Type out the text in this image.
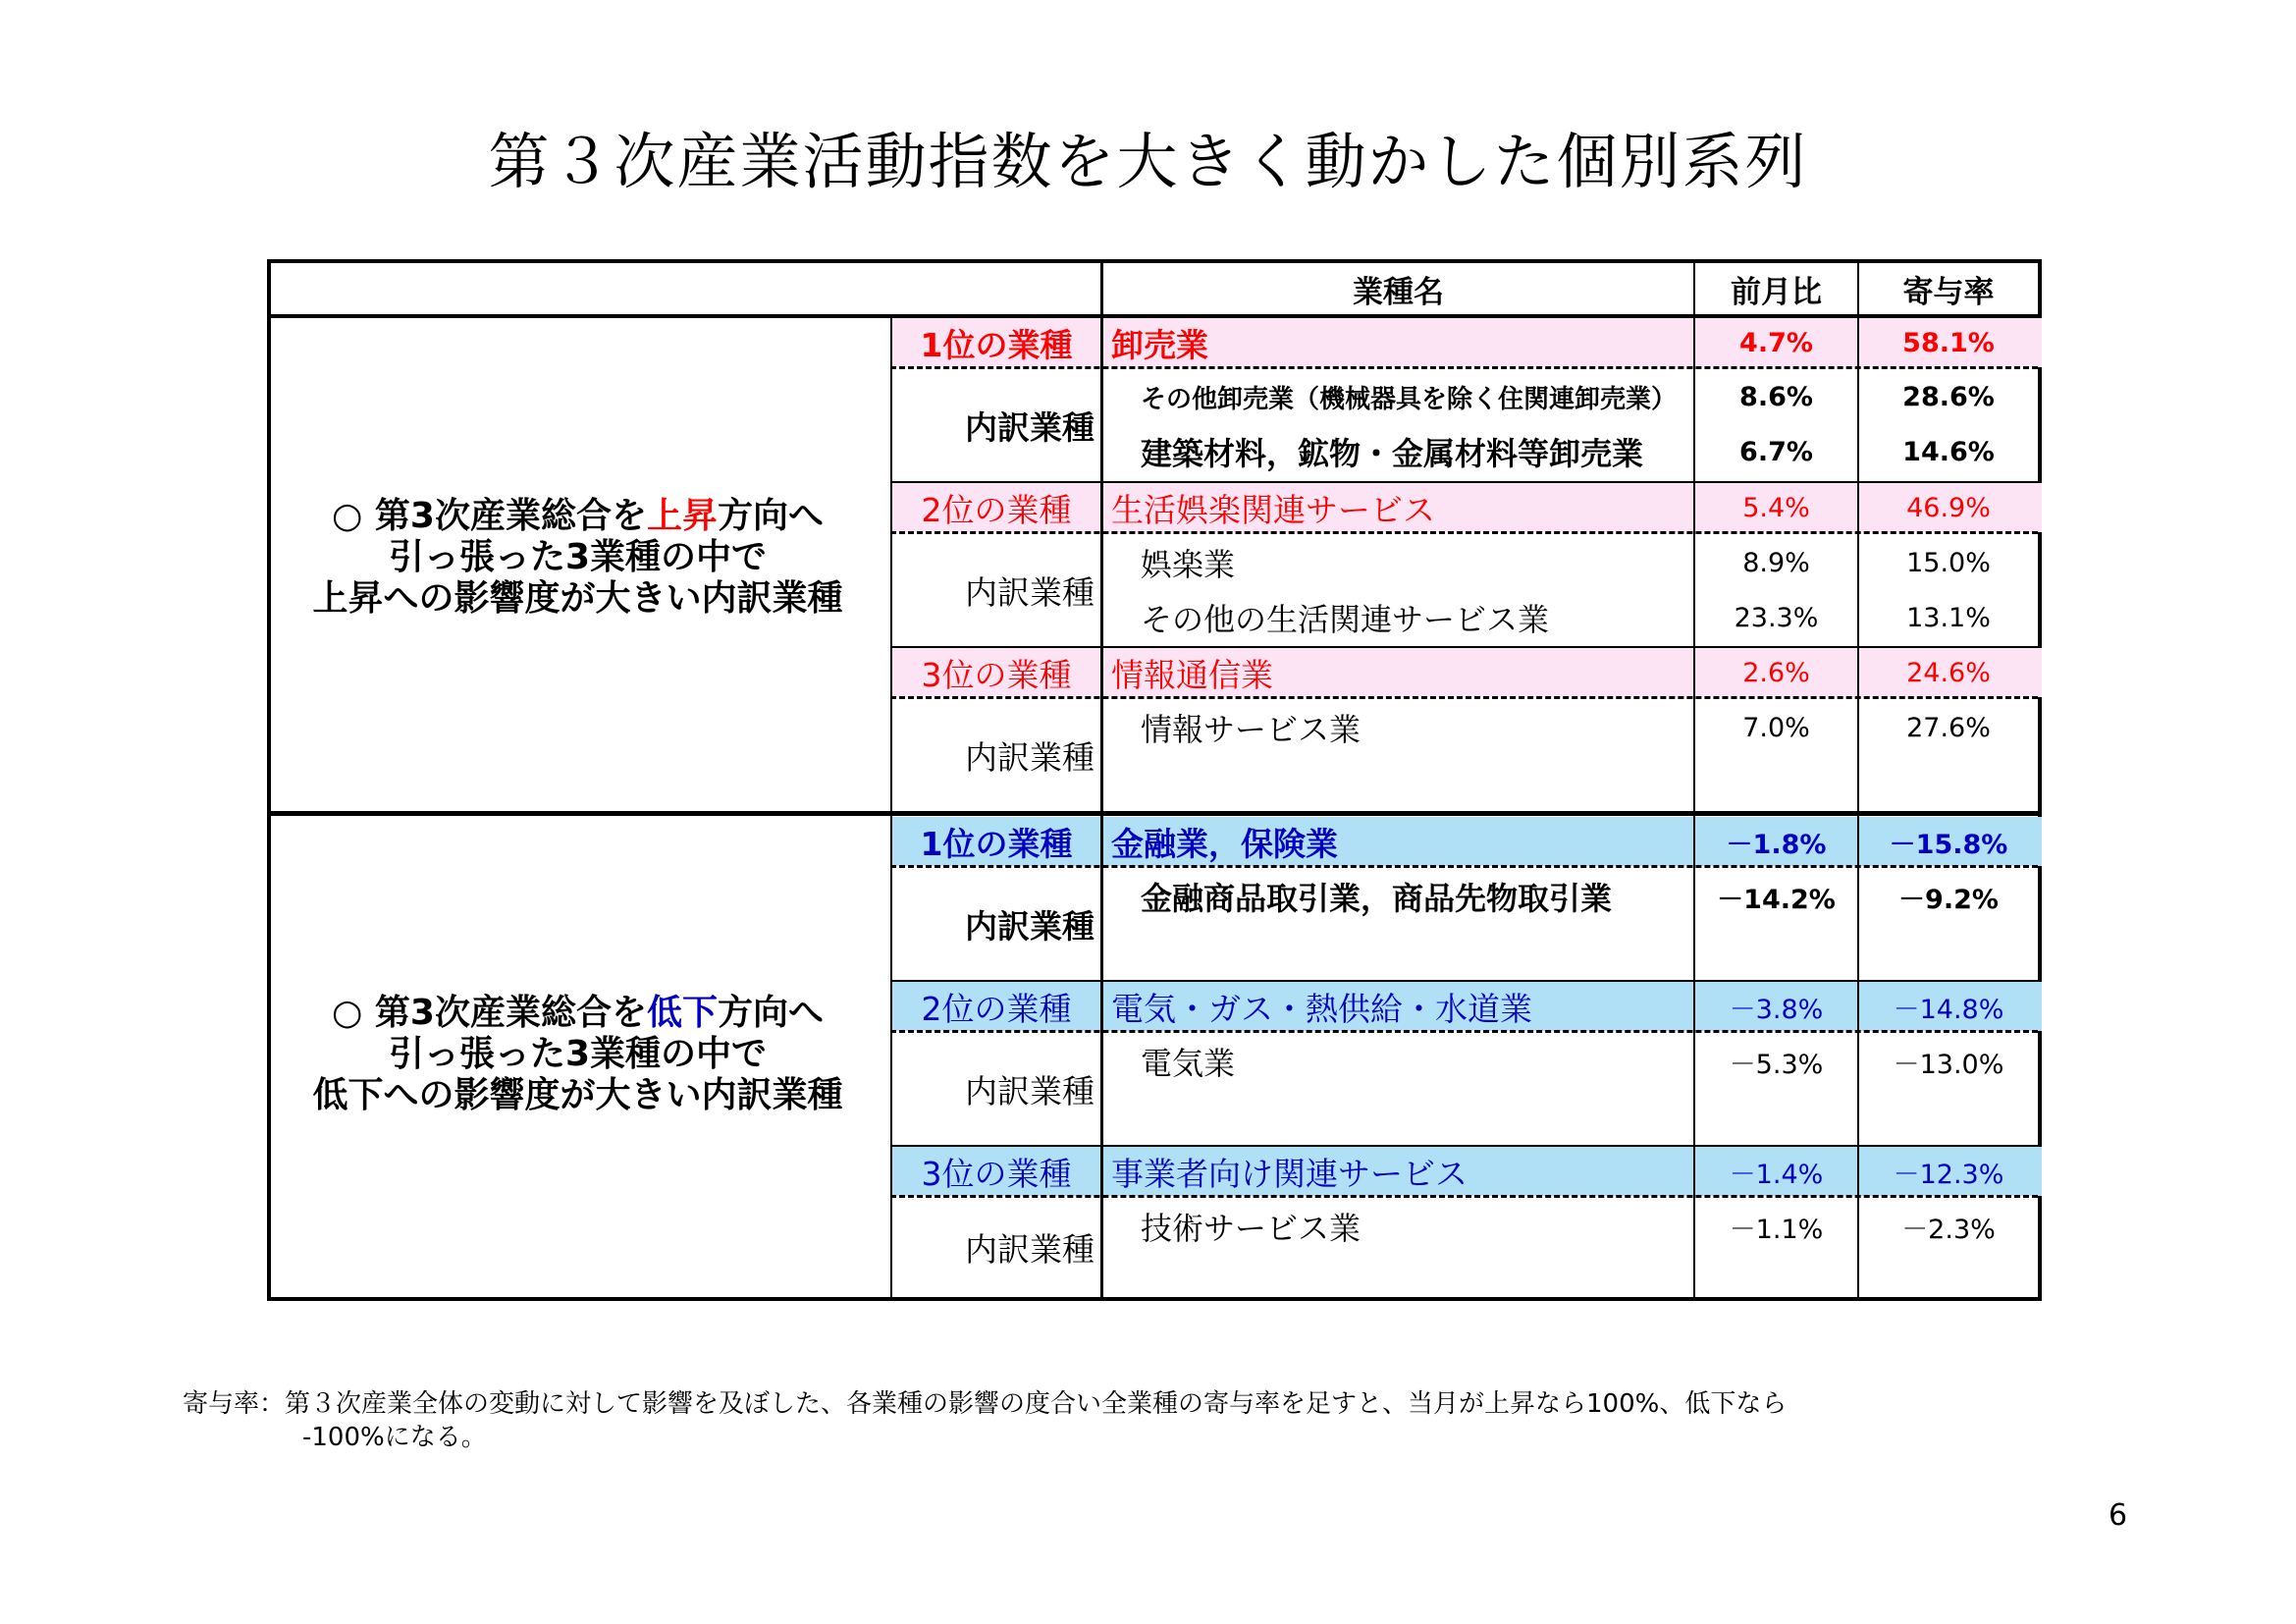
第３次産業活動指数を大きく動かした個別系列
業種名	前月比	寄与率
○ 第3次産業総合を上昇方向へ
引っ張った3業種の中で
上昇への影響度が大きい内訳業種
1位の業種	卸売業	4.7%	58.1%
内訳業種
その他卸売業（機械器具を除く住関連卸売業）	8.6%	28.6%
建築材料，鉱物・金属材料等卸売業	6.7%	14.6%
2位の業種	生活娯楽関連サービス	5.4%	46.9%
内訳業種
娯楽業	8.9%	15.0%
その他の生活関連サービス業	23.3%	13.1%
3位の業種	情報通信業	2.6%	24.6%
内訳業種
情報サービス業	7.0%	27.6%
○ 第3次産業総合を低下方向へ
引っ張った3業種の中で
低下への影響度が大きい内訳業種
1位の業種	金融業，保険業	－1.8%	－15.8%
内訳業種
金融商品取引業，商品先物取引業	－14.2%	－9.2%
2位の業種	電気・ガス・熱供給・水道業	－3.8%	－14.8%
内訳業種
電気業	－5.3%	－13.0%
3位の業種	事業者向け関連サービス	－1.4%	－12.3%
内訳業種
技術サービス業	－1.1%	－2.3%
寄与率：第３次産業全体の変動に対して影響を及ぼした、各業種の影響の度合い全業種の寄与率を足すと、当月が上昇なら100%、低下なら
-100%になる。
6
